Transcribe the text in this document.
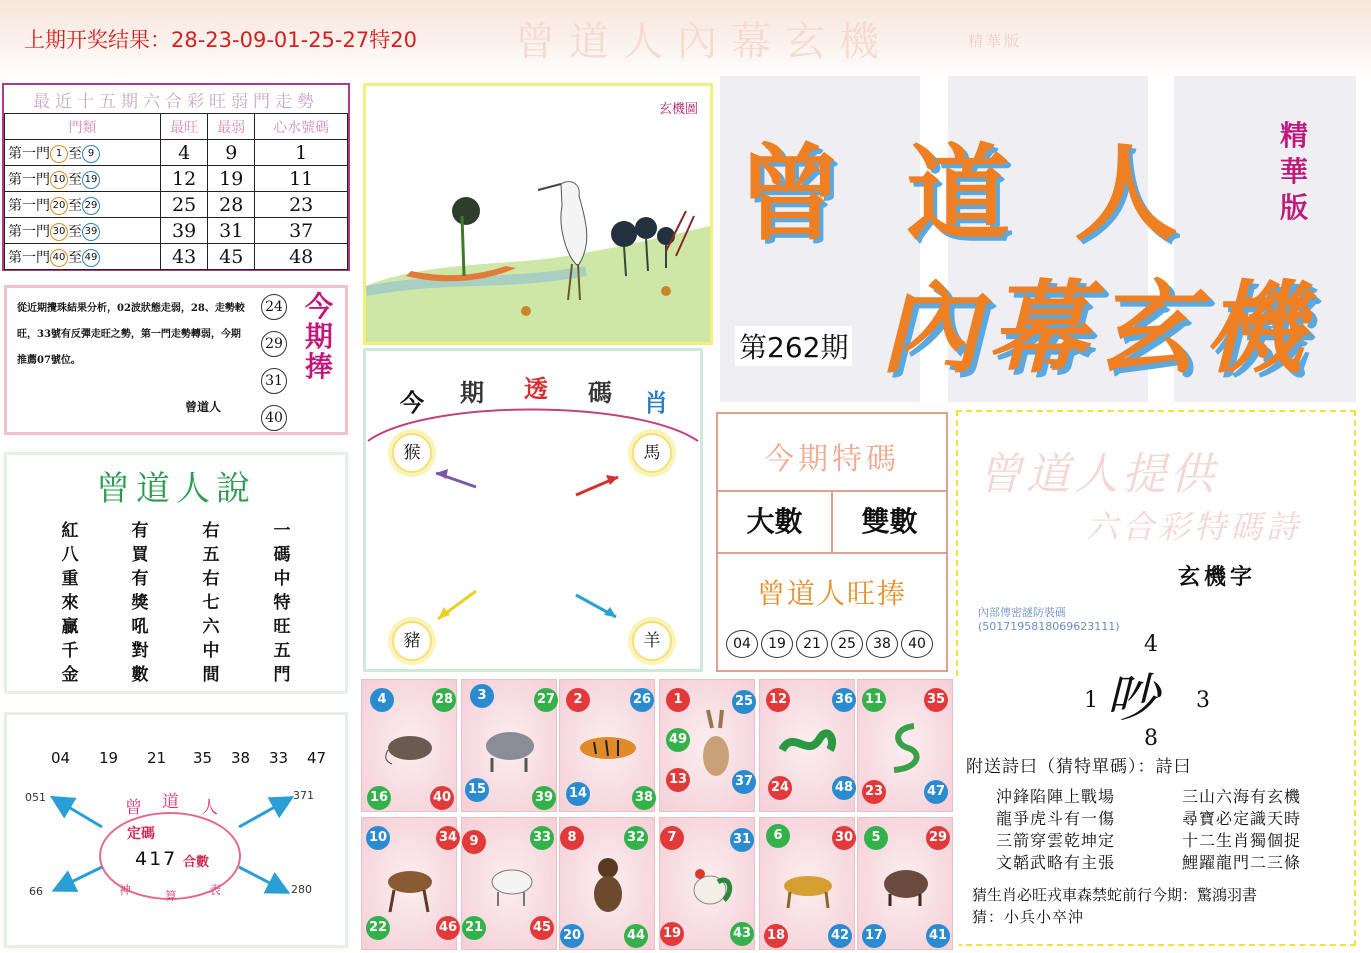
上期开奖结果：28-23-09-01-25-27特20 曾道人內幕玄機	精華版
最近十五期六合彩旺弱門走勢
門類	最旺	最弱	心水號碼
第一門 1 至 9	4	9	1
第一門 10 至 19	12	19	11
第一門 20 至 29	25	28	23
第一門 30 至 39	39	31	37
第一門 40 至 49	43	45	48
從近期攪珠結果分析，02波狀態走弱，28、走勢較旺，33號有反彈走旺之勢，第一門走勢轉弱，今期推薦07號位。
曾道人
24
29
31
40
今
期
捧
曾道人說
紅
八
重
來
贏
千
金
有
買
有
獎
吼
對
數
右
五
右
七
六
中
間
一
碼
中
特
旺
五
門
04 19 21 35 38 33 47
051	371
66	280
曾 道 人
定碼
417 合數
神	算	表
玄機圖
曾道人
內幕玄機
精
華
版
第262期
今 期 透 碼 肖
猴	馬
豬	羊
今期特碼
大數	雙數
曾道人旺捧
04	19	21	25	38	40
曾道人提供
六合彩特碼詩
玄機字
內部傳密謎防裝碼
(5017195818069623111)
4
1	3
8
吵
附送詩曰（猜特單碼）：詩曰
沖鋒陷陣上戰場
龍爭虎斗有一傷
三箭穿雲乾坤定
文韜武略有主張
三山六海有玄機
尋寶必定識天時
十二生肖獨個捉
鯉躍龍門二三條
猜生肖必旺戎車森禁蛇前行今期：驚鴻羽書
猜：小兵小卒沖
4	28
16	40
3	27
15
39
2	26
14	38
1	25
49
13	37
12	36
24	48
11	35
23	47
10	34
22	46
9	33
21	45
8	32
20	44
7	31
19	43
6	30
18	42
5	29
17	41
